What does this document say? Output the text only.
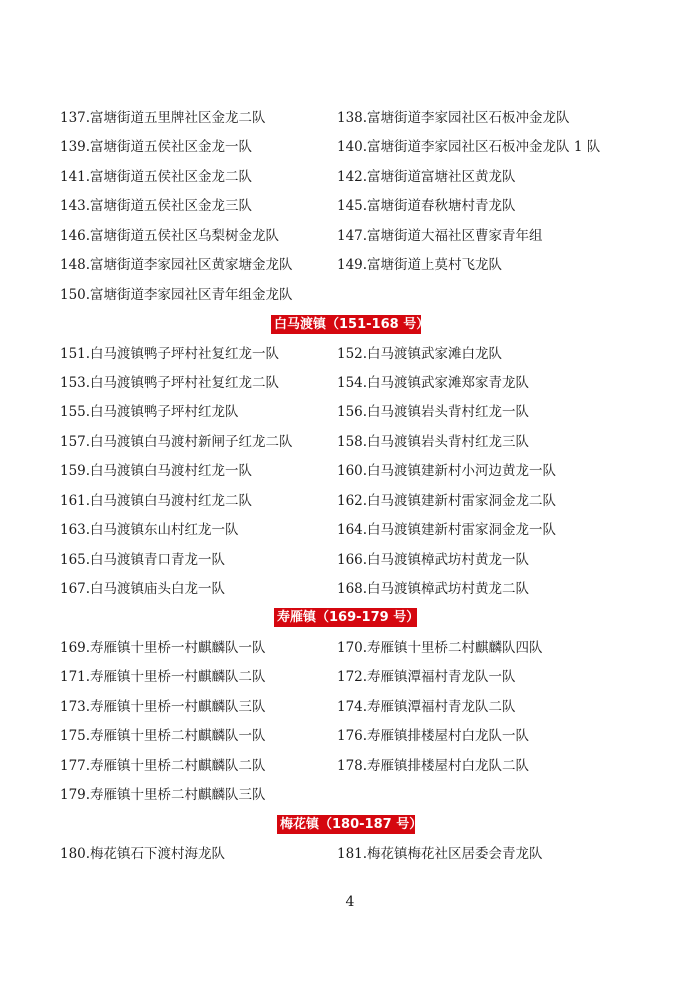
137.富塘街道五里牌社区金龙二队	138.富塘街道李家园社区石板冲金龙队
139.富塘街道五侯社区金龙一队	140.富塘街道李家园社区石板冲金龙队 1 队
141.富塘街道五侯社区金龙二队	142.富塘街道富塘社区黄龙队
143.富塘街道五侯社区金龙三队	145.富塘街道春秋塘村青龙队
146.富塘街道五侯社区乌梨树金龙队	147.富塘街道大福社区曹家青年组
148.富塘街道李家园社区黄家塘金龙队	149.富塘街道上莫村飞龙队
150.富塘街道李家园社区青年组金龙队
白马渡镇（151-168 号）
151.白马渡镇鸭子坪村社复红龙一队	152.白马渡镇武家滩白龙队
153.白马渡镇鸭子坪村社复红龙二队	154.白马渡镇武家滩郑家青龙队
155.白马渡镇鸭子坪村红龙队	156.白马渡镇岩头背村红龙一队
157.白马渡镇白马渡村新闸子红龙二队	158.白马渡镇岩头背村红龙三队
159.白马渡镇白马渡村红龙一队	160.白马渡镇建新村小河边黄龙一队
161.白马渡镇白马渡村红龙二队	162.白马渡镇建新村雷家洞金龙二队
163.白马渡镇东山村红龙一队	164.白马渡镇建新村雷家洞金龙一队
165.白马渡镇青口青龙一队	166.白马渡镇樟武坊村黄龙一队
167.白马渡镇庙头白龙一队	168.白马渡镇樟武坊村黄龙二队
寿雁镇（169-179 号）
169.寿雁镇十里桥一村麒麟队一队	170.寿雁镇十里桥二村麒麟队四队
171.寿雁镇十里桥一村麒麟队二队	172.寿雁镇潭福村青龙队一队
173.寿雁镇十里桥一村麒麟队三队	174.寿雁镇潭福村青龙队二队
175.寿雁镇十里桥二村麒麟队一队	176.寿雁镇排楼屋村白龙队一队
177.寿雁镇十里桥二村麒麟队二队	178.寿雁镇排楼屋村白龙队二队
179.寿雁镇十里桥二村麒麟队三队
梅花镇（180-187 号）
180.梅花镇石下渡村海龙队	181.梅花镇梅花社区居委会青龙队
4
